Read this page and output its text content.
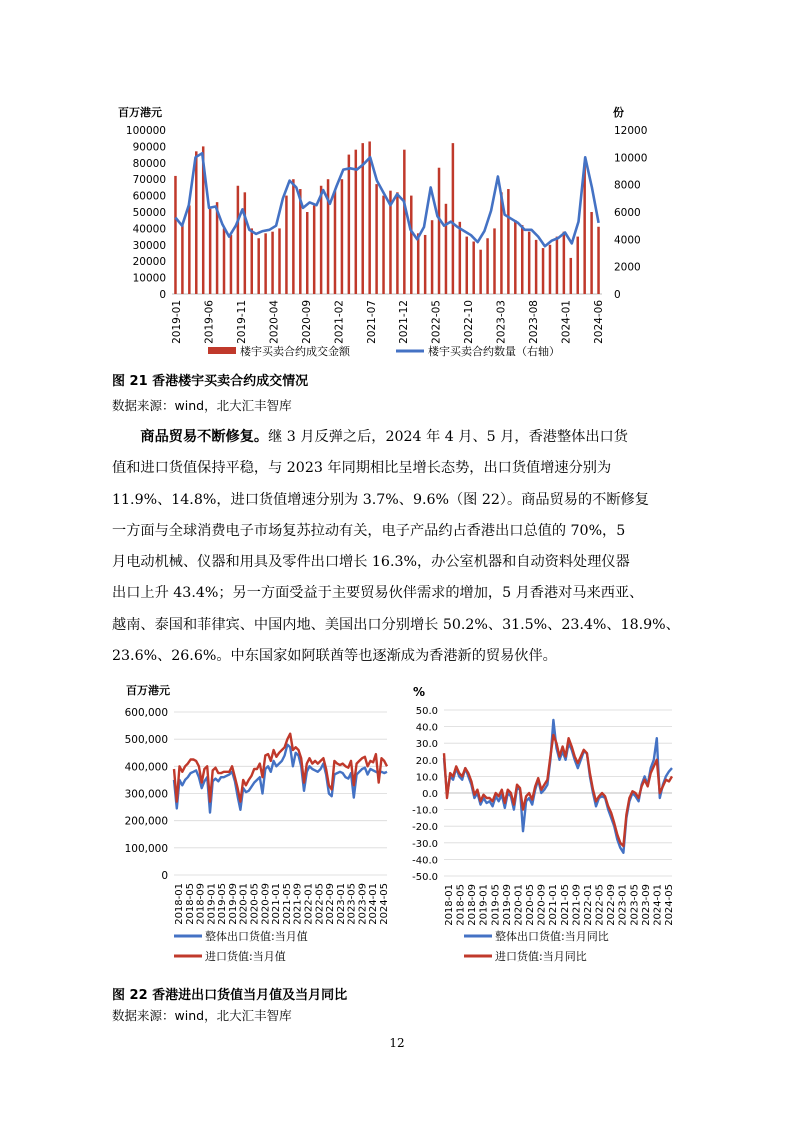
百万港元	份
0
10000
20000
30000
40000
50000
60000
70000
80000
90000
100000
0
2000
4000
6000
8000
10000
12000
2019-01 2019-06 2019-11 2020-04 2020-09 2021-02 2021-07 2021-12 2022-05 2022-10 2023-03 2023-08 2024-01 2024-06
楼宇买卖合约成交金额	楼宇买卖合约数量（右轴）
图 21 香港楼宇买卖合约成交情况
数据来源：wind，北大汇丰智库

　　商品贸易不断修复。继 3 月反弹之后，2024 年 4 月、5 月，香港整体出口货

值和进口货值保持平稳，与 2023 年同期相比呈增长态势，出口货值增速分别为

11.9%、14.8%，进口货值增速分别为 3.7%、9.6%（图 22）。商品贸易的不断修复

一方面与全球消费电子市场复苏拉动有关，电子产品约占香港出口总值的 70%，5

月电动机械、仪器和用具及零件出口增长 16.3%，办公室机器和自动资料处理仪器

出口上升 43.4%；另一方面受益于主要贸易伙伴需求的增加，5 月香港对马来西亚、

越南、泰国和菲律宾、中国内地、美国出口分别增长 50.2%、31.5%、23.4%、18.9%、

23.6%、26.6%。中东国家如阿联酋等也逐渐成为香港新的贸易伙伴。

百万港元
0
100,000
200,000
300,000
400,000
500,000
600,000
2018-01 2018-05 2018-09 2019-01 2019-05 2019-09 2020-01 2020-05 2020-09 2021-01 2021-05 2021-09 2022-01 2022-05 2022-09 2023-01 2023-05 2023-09 2024-01 2024-05
整体出口货值:当月值
进口货值:当月值
%
-50.0
-40.0
-30.0
-20.0
-10.0
0.0
10.0
20.0
30.0
40.0
50.0
2018-01 2018-05 2018-09 2019-01 2019-05 2019-09 2020-01 2020-05 2020-09 2021-01 2021-05 2021-09 2022-01 2022-05 2022-09 2023-01 2023-05 2023-09 2024-01 2024-05
整体出口货值:当月同比
进口货值:当月同比
图 22 香港进出口货值当月值及当月同比
数据来源：wind，北大汇丰智库
12
